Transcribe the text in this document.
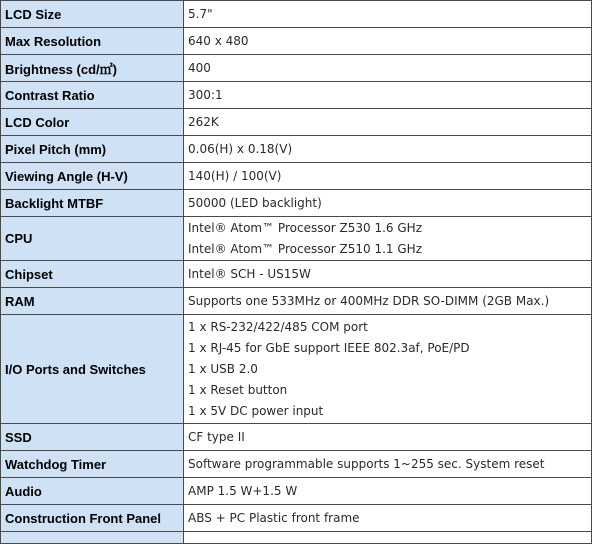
LCD Size	5.7"

Max Resolution	640 x 480

Brightness (cd/㎡)	400

Contrast Ratio	300:1

LCD Color	262K

Pixel Pitch (mm)	0.06(H) x 0.18(V)

Viewing Angle (H-V)	140(H) / 100(V)

Backlight MTBF	50000 (LED backlight)

CPU	Intel® Atom™ Processor Z530 1.6 GHz
Intel® Atom™ Processor Z510 1.1 GHz

Chipset	Intel® SCH - US15W

RAM	Supports one 533MHz or 400MHz DDR SO-DIMM (2GB Max.)

I/O Ports and Switches	1 x RS-232/422/485 COM port
1 x RJ-45 for GbE support IEEE 802.3af, PoE/PD
1 x USB 2.0
1 x Reset button
1 x 5V DC power input

SSD	CF type II

Watchdog Timer	Software programmable supports 1~255 sec. System reset

Audio	AMP 1.5 W+1.5 W

Construction Front Panel	ABS + PC Plastic front frame
